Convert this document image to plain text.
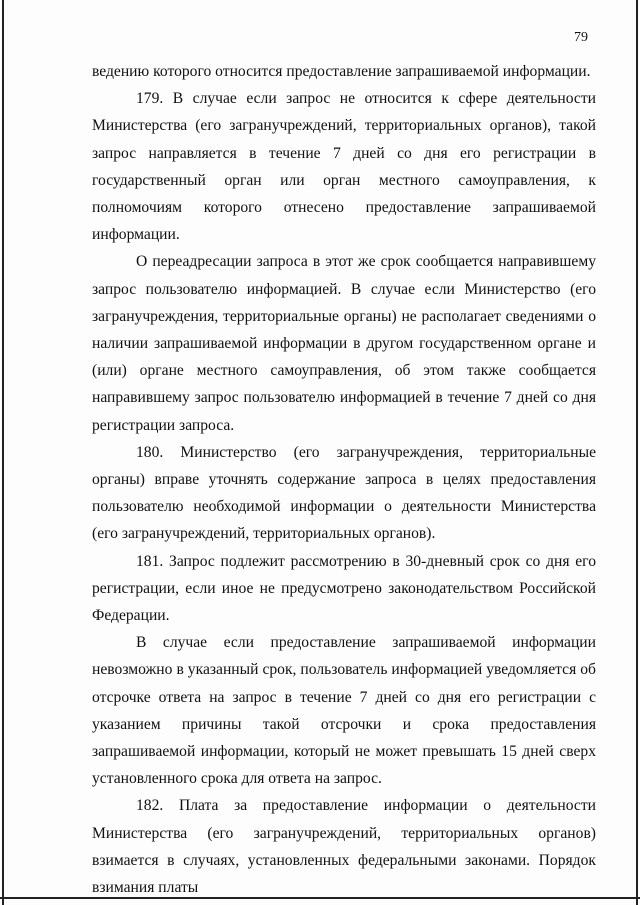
79

ведению которого относится предоставление запрашиваемой информации.

179. В случае если запрос не относится к сфере деятельности Министерства (его загранучреждений, территориальных органов), такой запрос направляется в течение 7 дней со дня его регистрации в государственный орган или орган местного самоуправления, к полномочиям которого отнесено предоставление запрашиваемой информации.

О переадресации запроса в этот же срок сообщается направившему запрос пользователю информацией. В случае если Министерство (его загранучреждения, территориальные органы) не располагает сведениями о наличии запрашиваемой информации в другом государственном органе и (или) органе местного самоуправления, об этом также сообщается направившему запрос пользователю информацией в течение 7 дней со дня регистрации запроса.

180. Министерство (его загранучреждения, территориальные органы) вправе уточнять содержание запроса в целях предоставления пользователю необходимой информации о деятельности Министерства (его загранучреждений, территориальных органов).

181. Запрос подлежит рассмотрению в 30-дневный срок со дня его регистрации, если иное не предусмотрено законодательством Российской Федерации.

В случае если предоставление запрашиваемой информации невозможно в указанный срок, пользователь информацией уведомляется об отсрочке ответа на запрос в течение 7 дней со дня его регистрации с указанием причины такой отсрочки и срока предоставления запрашиваемой информации, который не может превышать 15 дней сверх установленного срока для ответа на запрос.

182. Плата за предоставление информации о деятельности Министерства (его загранучреждений, территориальных органов) взимается в случаях, установленных федеральными законами. Порядок взимания платы
